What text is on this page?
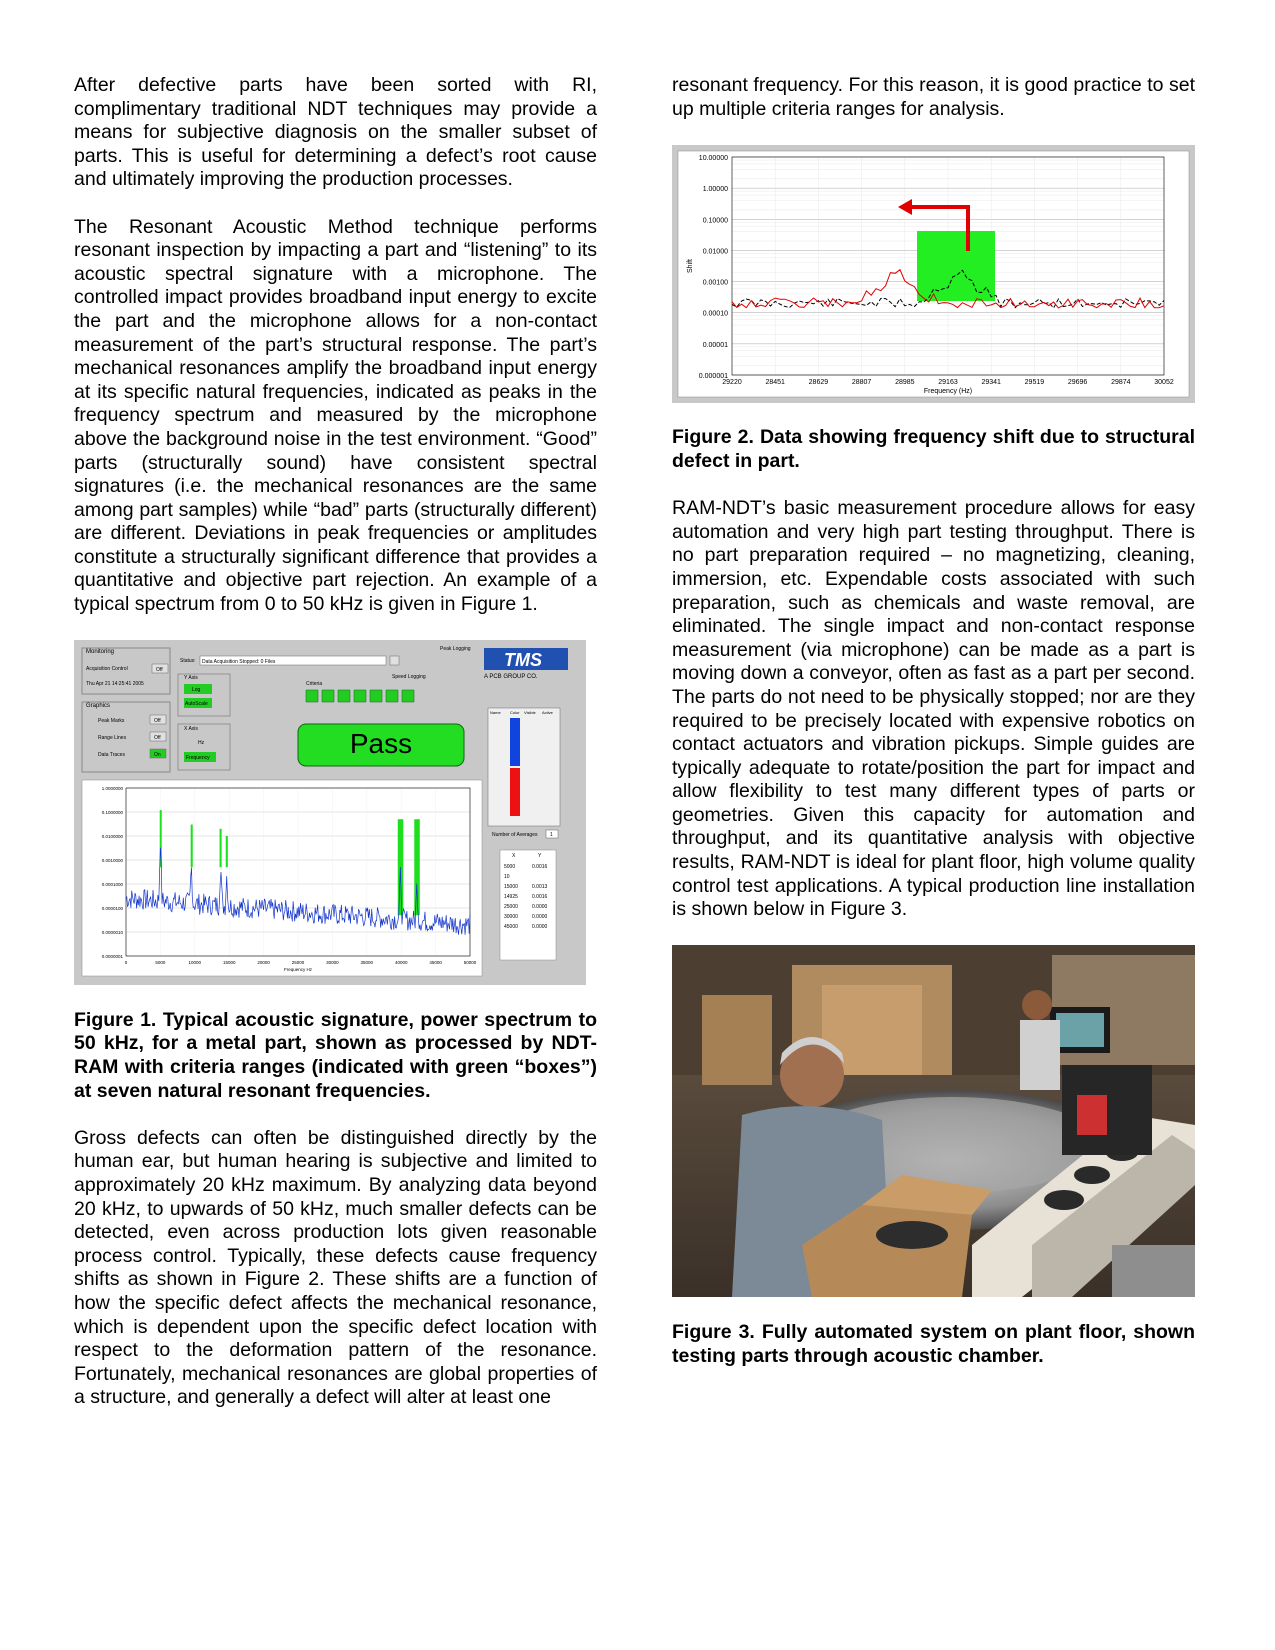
After defective parts have been sorted with RI, complimentary traditional NDT techniques may provide a means for subjective diagnosis on the smaller subset of parts. This is useful for determining a defect’s root cause and ultimately improving the production processes.

The Resonant Acoustic Method technique performs resonant inspection by impacting a part and “listening” to its acoustic spectral signature with a microphone. The controlled impact provides broadband input energy to excite the part and the microphone allows for a non-contact measurement of the part’s structural response. The part’s mechanical resonances amplify the broadband input energy at its specific natural frequencies, indicated as peaks in the frequency spectrum and measured by the microphone above the background noise in the test environment. “Good” parts (structurally sound) have consistent spectral signatures (i.e. the mechanical resonances are the same among part samples) while “bad” parts (structurally different) are different. Deviations in peak frequencies or amplitudes constitute a structurally significant difference that provides a quantitative and objective part rejection. An example of a typical spectrum from 0 to 50 kHz is given in Figure 1.

Monitoring
Acquisition Control	Off
Thu Apr 21 14:25:41 2005
Graphics
Peak Marks	Off
Range Lines	Off
Data Traces	On
Status: Data Acquisition Stopped: 0 Files
Peak Logging
Speed Logging
TMS
A PCB GROUP CO.
Y Axis
Log
AutoScale
X Axis
Hz
Frequency
Criteria
Pass
Name Color Visible Active
Number of Averages	1
X	Y
5000	0.0016
10
15000	0.0013
14925	0.0016
25000	0.0000
30000	0.0000
45000	0.0000
1.0000000
0.1000000
0.0100000
0.0010000
0.0001000
0.0000100
0.0000010
0.0000001
0	5000	10000	15000	20000	25000	30000	35000	40000	45000	50000
Frequency Hz

Figure 1. Typical acoustic signature, power spectrum to 50 kHz, for a metal part, shown as processed by NDT-RAM with criteria ranges (indicated with green “boxes”) at seven natural resonant frequencies.

Gross defects can often be distinguished directly by the human ear, but human hearing is subjective and limited to approximately 20 kHz maximum. By analyzing data beyond 20 kHz, to upwards of 50 kHz, much smaller defects can be detected, even across production lots given reasonable process control. Typically, these defects cause frequency shifts as shown in Figure 2. These shifts are a function of how the specific defect affects the mechanical resonance, which is dependent upon the specific defect location with respect to the deformation pattern of the resonance. Fortunately, mechanical resonances are global properties of a structure, and generally a defect will alter at least one

resonant frequency. For this reason, it is good practice to set up multiple criteria ranges for analysis.

10.00000
1.00000
0.10000
0.01000
0.00100
0.00010
0.00001
0.000001
29220	28451	28629	28807	28985	29163	29341	29519	29696	29874	30052
Frequency (Hz)
Shift

Figure 2. Data showing frequency shift due to structural defect in part.

RAM-NDT’s basic measurement procedure allows for easy automation and very high part testing throughput. There is no part preparation required – no magnetizing, cleaning, immersion, etc. Expendable costs associated with such preparation, such as chemicals and waste removal, are eliminated. The single impact and non-contact response measurement (via microphone) can be made as a part is moving down a conveyor, often as fast as a part per second. The parts do not need to be physically stopped; nor are they required to be precisely located with expensive robotics on contact actuators and vibration pickups. Simple guides are typically adequate to rotate/position the part for impact and allow flexibility to test many different types of parts or geometries. Given this capacity for automation and throughput, and its quantitative analysis with objective results, RAM-NDT is ideal for plant floor, high volume quality control test applications. A typical production line installation is shown below in Figure 3.

Figure 3. Fully automated system on plant floor, shown testing parts through acoustic chamber.
